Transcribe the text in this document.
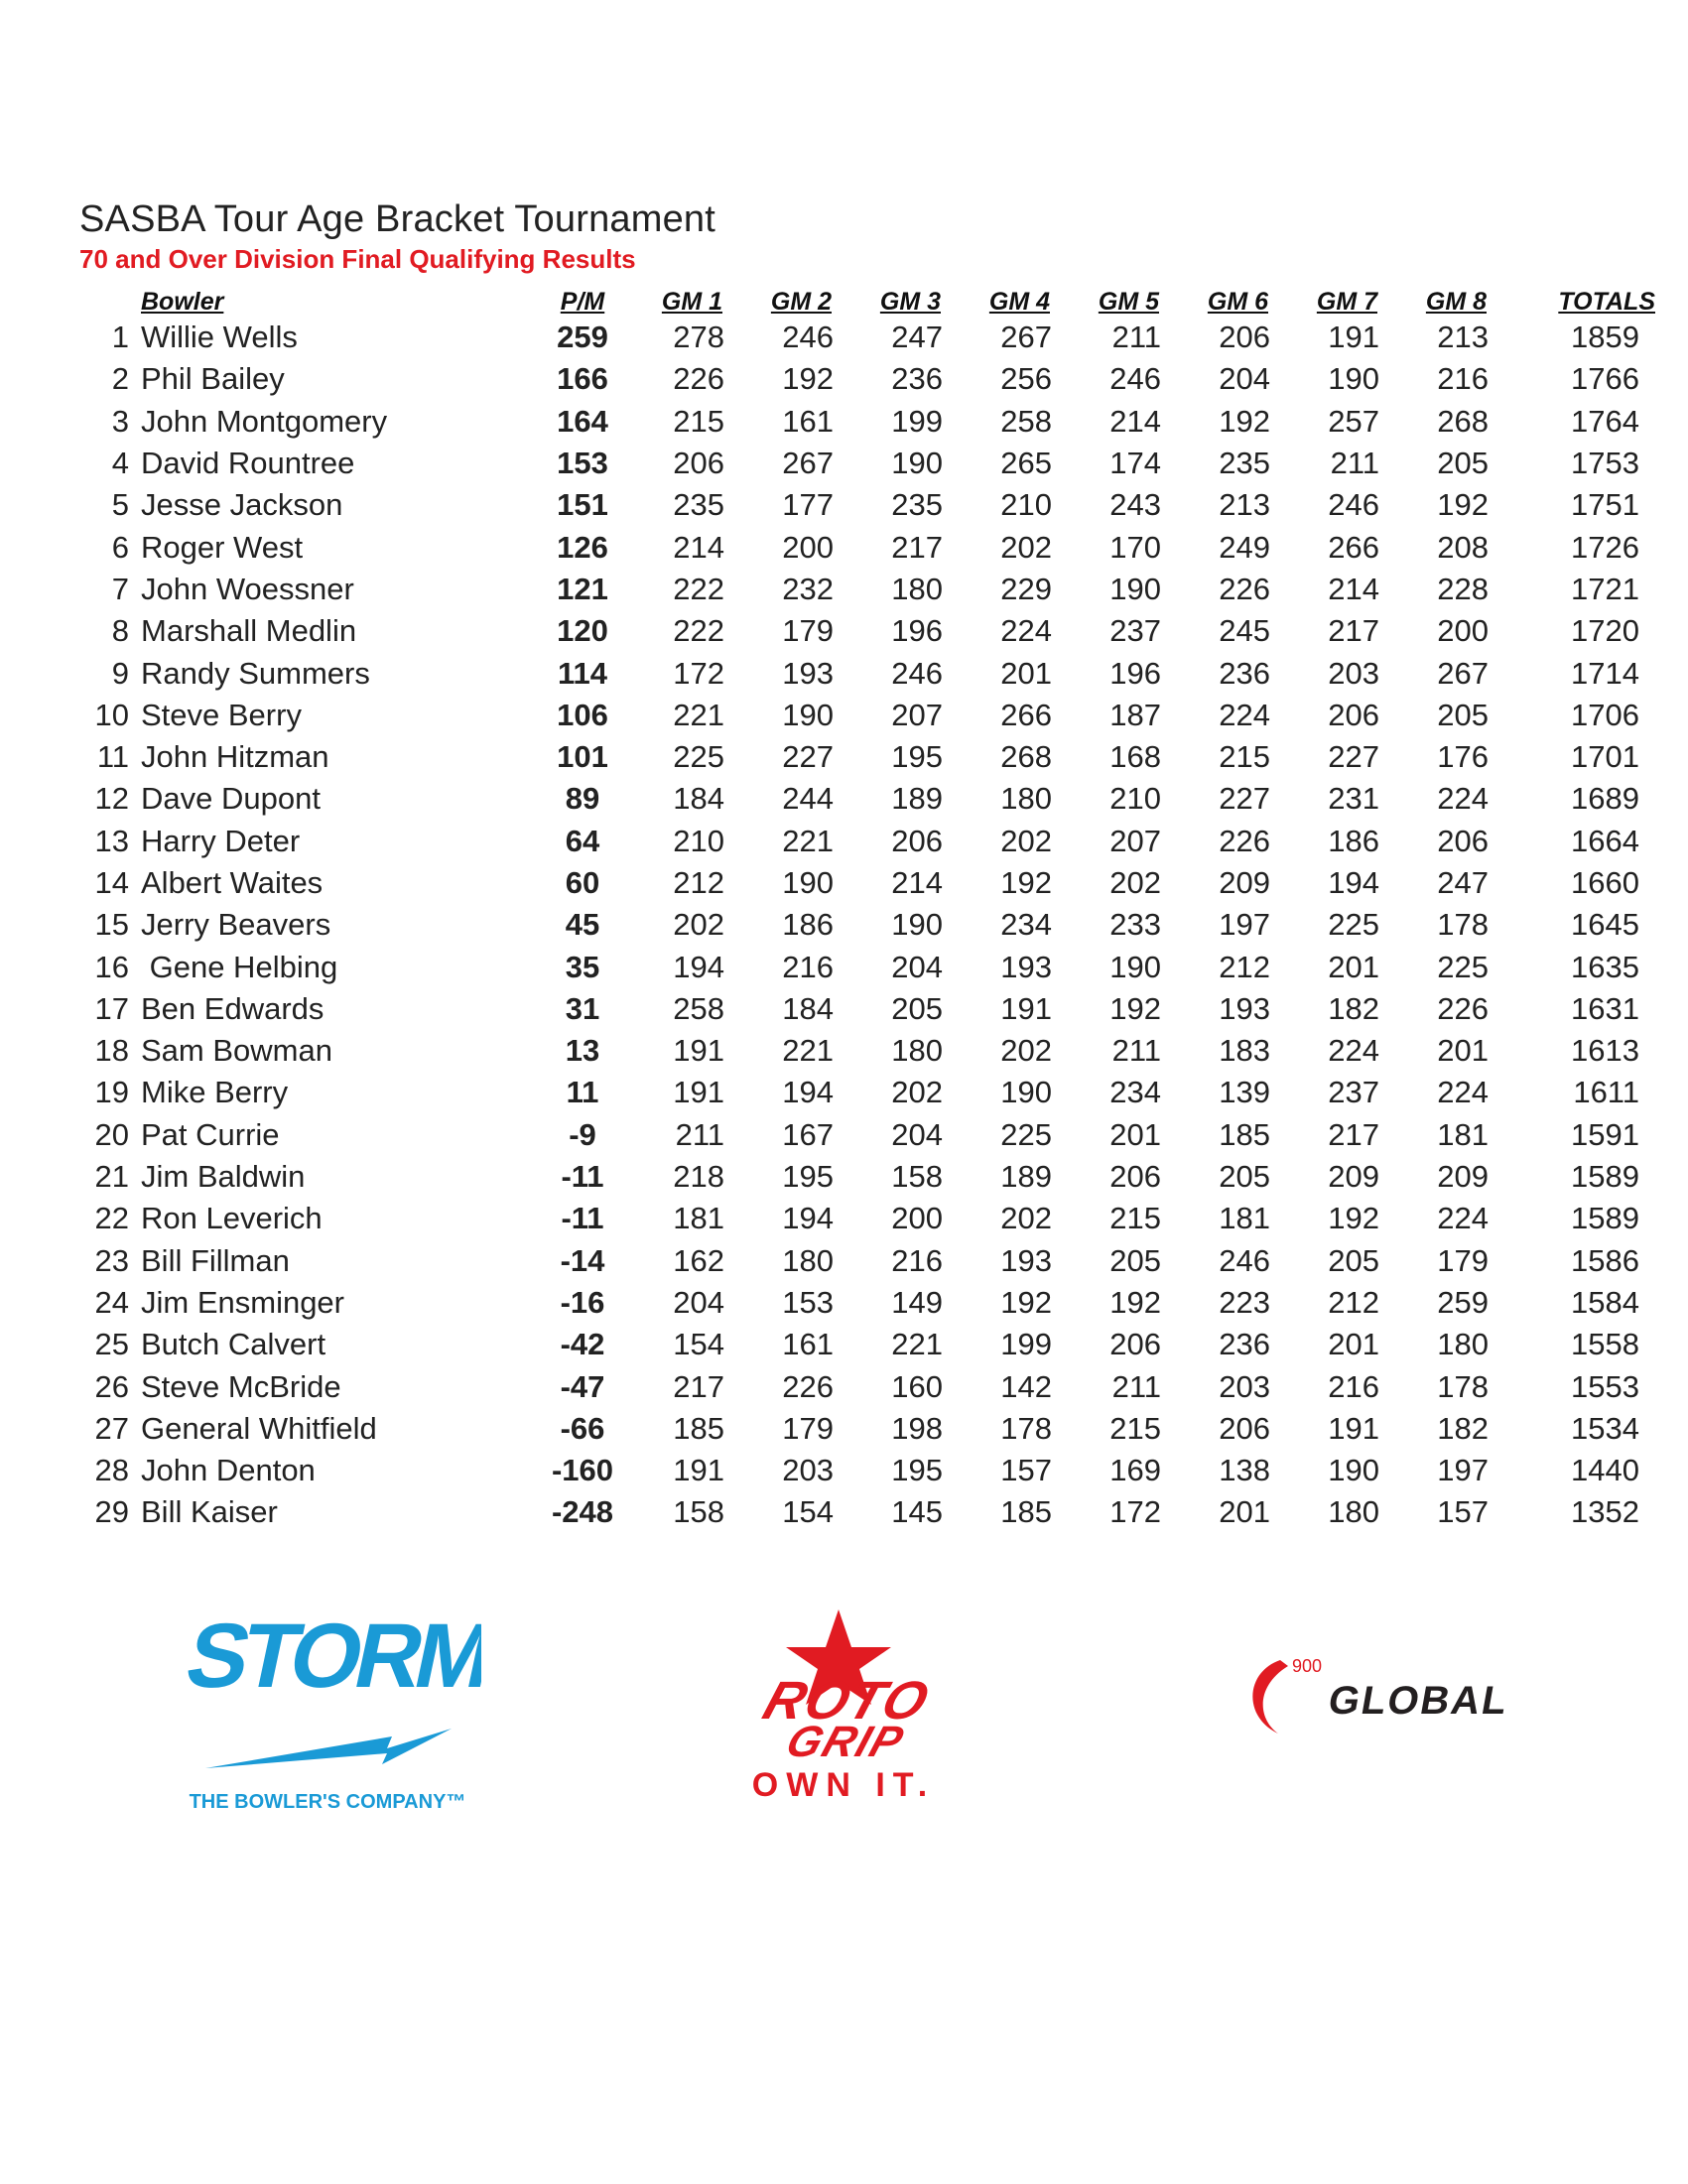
SASBA Tour Age Bracket Tournament
70 and Over Division Final Qualifying Results
	Bowler	P/M	GM 1	GM 2	GM 3	GM 4	GM 5	GM 6	GM 7	GM 8	TOTALS
1	Willie Wells	259	278	246	247	267	211	206	191	213	1859
2	Phil Bailey	166	226	192	236	256	246	204	190	216	1766
3	John Montgomery	164	215	161	199	258	214	192	257	268	1764
4	David Rountree	153	206	267	190	265	174	235	211	205	1753
5	Jesse Jackson	151	235	177	235	210	243	213	246	192	1751
6	Roger West	126	214	200	217	202	170	249	266	208	1726
7	John Woessner	121	222	232	180	229	190	226	214	228	1721
8	Marshall Medlin	120	222	179	196	224	237	245	217	200	1720
9	Randy Summers	114	172	193	246	201	196	236	203	267	1714
10	Steve Berry	106	221	190	207	266	187	224	206	205	1706
11	John Hitzman	101	225	227	195	268	168	215	227	176	1701
12	Dave Dupont	89	184	244	189	180	210	227	231	224	1689
13	Harry Deter	64	210	221	206	202	207	226	186	206	1664
14	Albert Waites	60	212	190	214	192	202	209	194	247	1660
15	Jerry Beavers	45	202	186	190	234	233	197	225	178	1645
16	Gene Helbing	35	194	216	204	193	190	212	201	225	1635
17	Ben Edwards	31	258	184	205	191	192	193	182	226	1631
18	Sam Bowman	13	191	221	180	202	211	183	224	201	1613
19	Mike Berry	11	191	194	202	190	234	139	237	224	1611
20	Pat Currie	-9	211	167	204	225	201	185	217	181	1591
21	Jim Baldwin	-11	218	195	158	189	206	205	209	209	1589
22	Ron Leverich	-11	181	194	200	202	215	181	192	224	1589
23	Bill Fillman	-14	162	180	216	193	205	246	205	179	1586
24	Jim Ensminger	-16	204	153	149	192	192	223	212	259	1584
25	Butch Calvert	-42	154	161	221	199	206	236	201	180	1558
26	Steve McBride	-47	217	226	160	142	211	203	216	178	1553
27	General Whitfield	-66	185	179	198	178	215	206	191	182	1534
28	John Denton	-160	191	203	195	157	169	138	190	197	1440
29	Bill Kaiser	-248	158	154	145	185	172	201	180	157	1352
STORM
THE BOWLER'S COMPANY™
ROTO
GRIP
OWN IT.
900
GLOBAL
